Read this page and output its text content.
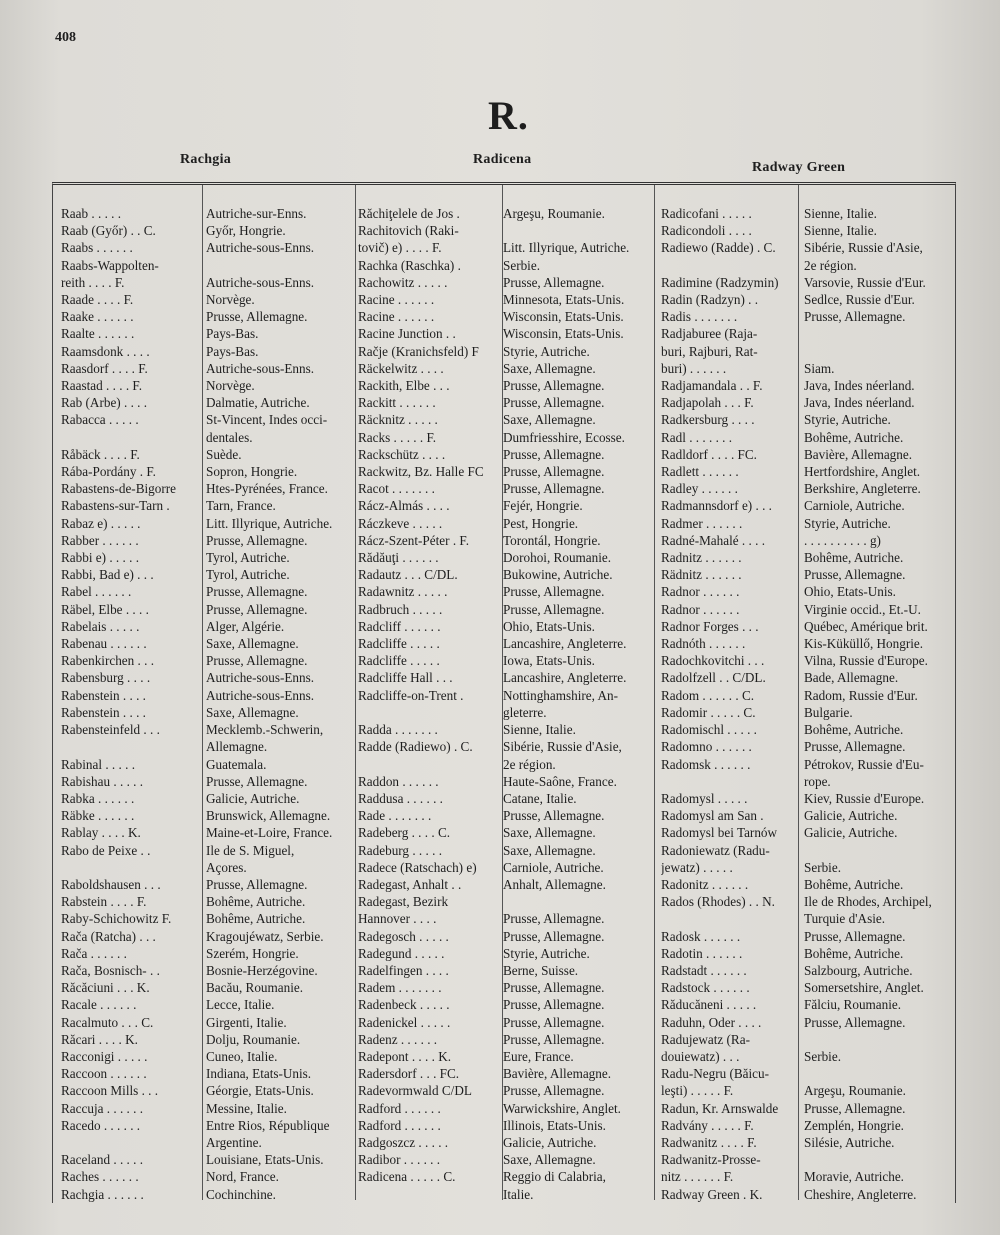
408
R.
Rachgia	Radicena
Radway Green
Raab . . . . .	Autriche-sur-Enns.
Raab (Győr) . . C.	Győr, Hongrie.
Raabs . . . . . .	Autriche-sous-Enns.
Raabs-Wappolten-
reith . . . . F.	Autriche-sous-Enns.
Raade . . . . F.	Norvège.
Raake . . . . . .	Prusse, Allemagne.
Raalte . . . . . .	Pays-Bas.
Raamsdonk . . . .	Pays-Bas.
Raasdorf . . . . F.	Autriche-sous-Enns.
Raastad . . . . F.	Norvège.
Rab (Arbe) . . . .	Dalmatie, Autriche.
Rabacca . . . . .	St-Vincent, Indes occi-
dentales.
Råbäck . . . . F.	Suède.
Rába-Pordány . F.	Sopron, Hongrie.
Rabastens-de-Bigorre	Htes-Pyrénées, France.
Rabastens-sur-Tarn .	Tarn, France.
Rabaz e) . . . . .	Litt. Illyrique, Autriche.
Rabber . . . . . .	Prusse, Allemagne.
Rabbi e) . . . . .	Tyrol, Autriche.
Rabbi, Bad e) . . .	Tyrol, Autriche.
Rabel . . . . . .	Prusse, Allemagne.
Räbel, Elbe . . . .	Prusse, Allemagne.
Rabelais . . . . .	Alger, Algérie.
Rabenau . . . . . .	Saxe, Allemagne.
Rabenkirchen . . .	Prusse, Allemagne.
Rabensburg . . . .	Autriche-sous-Enns.
Rabenstein . . . .	Autriche-sous-Enns.
Rabenstein . . . .	Saxe, Allemagne.
Rabensteinfeld . . .	Mecklemb.-Schwerin,
Allemagne.
Rabinal . . . . .	Guatemala.
Rabishau . . . . .	Prusse, Allemagne.
Rabka . . . . . .	Galicie, Autriche.
Räbke . . . . . .	Brunswick, Allemagne.
Rablay . . . . K.	Maine-et-Loire, France.
Rabo de Peixe . .	Ile de S. Miguel,
Açores.
Raboldshausen . . .	Prusse, Allemagne.
Rabstein . . . . F.	Bohême, Autriche.
Raby-Schichowitz F.	Bohême, Autriche.
Rača (Ratcha) . . .	Kragoujéwatz, Serbie.
Rača . . . . . .	Szerém, Hongrie.
Rača, Bosnisch- . .	Bosnie-Herzégovine.
Răcăciuni . . . K.	Bacău, Roumanie.
Racale . . . . . .	Lecce, Italie.
Racalmuto . . . C.	Girgenti, Italie.
Răcari . . . . K.	Dolju, Roumanie.
Racconigi . . . . .	Cuneo, Italie.
Raccoon . . . . . .	Indiana, Etats-Unis.
Raccoon Mills . . .	Géorgie, Etats-Unis.
Raccuja . . . . . .	Messine, Italie.
Racedo . . . . . .	Entre Rios, République
Argentine.
Raceland . . . . .	Louisiane, Etats-Unis.
Raches . . . . . .	Nord, France.
Rachgia . . . . . .	Cochinchine.
Răchiţelele de Jos .	Argeşu, Roumanie.
Rachitovich (Raki-
tovič) e) . . . . F.	Litt. Illyrique, Autriche.
Rachka (Raschka) .	Serbie.
Rachowitz . . . . .	Prusse, Allemagne.
Racine . . . . . .	Minnesota, Etats-Unis.
Racine . . . . . .	Wisconsin, Etats-Unis.
Racine Junction . .	Wisconsin, Etats-Unis.
Račje (Kranichsfeld) F	Styrie, Autriche.
Räckelwitz . . . .	Saxe, Allemagne.
Rackith, Elbe . . .	Prusse, Allemagne.
Rackitt . . . . . .	Prusse, Allemagne.
Räcknitz . . . . .	Saxe, Allemagne.
Racks . . . . . F.	Dumfriesshire, Ecosse.
Rackschütz . . . .	Prusse, Allemagne.
Rackwitz, Bz. Halle FC	Prusse, Allemagne.
Racot . . . . . . .	Prusse, Allemagne.
Rácz-Almás . . . .	Fejér, Hongrie.
Ráczkeve . . . . .	Pest, Hongrie.
Rácz-Szent-Péter . F.	Torontál, Hongrie.
Rădăuţi . . . . . .	Dorohoi, Roumanie.
Radautz . . . C/DL.	Bukowine, Autriche.
Radawnitz . . . . .	Prusse, Allemagne.
Radbruch . . . . .	Prusse, Allemagne.
Radcliff . . . . . .	Ohio, Etats-Unis.
Radcliffe . . . . .	Lancashire, Angleterre.
Radcliffe . . . . .	Iowa, Etats-Unis.
Radcliffe Hall . . .	Lancashire, Angleterre.
Radcliffe-on-Trent .	Nottinghamshire, An-
gleterre.
Radda . . . . . . .	Sienne, Italie.
Radde (Radiewo) . C.	Sibérie, Russie d'Asie,
2e région.
Raddon . . . . . .	Haute-Saône, France.
Raddusa . . . . . .	Catane, Italie.
Rade . . . . . . .	Prusse, Allemagne.
Radeberg . . . . C.	Saxe, Allemagne.
Radeburg . . . . .	Saxe, Allemagne.
Radece (Ratschach) e)	Carniole, Autriche.
Radegast, Anhalt . .	Anhalt, Allemagne.
Radegast, Bezirk
Hannover . . . .	Prusse, Allemagne.
Radegosch . . . . .	Prusse, Allemagne.
Radegund . . . . .	Styrie, Autriche.
Radelfingen . . . .	Berne, Suisse.
Radem . . . . . . .	Prusse, Allemagne.
Radenbeck . . . . .	Prusse, Allemagne.
Radenickel . . . . .	Prusse, Allemagne.
Radenz . . . . . .	Prusse, Allemagne.
Radepont . . . . K.	Eure, France.
Radersdorf . . . FC.	Bavière, Allemagne.
Radevormwald C/DL	Prusse, Allemagne.
Radford . . . . . .	Warwickshire, Anglet.
Radford . . . . . .	Illinois, Etats-Unis.
Radgoszcz . . . . .	Galicie, Autriche.
Radibor . . . . . .	Saxe, Allemagne.
Radicena . . . . . C.	Reggio di Calabria,
Italie.
Radicofani . . . . .	Sienne, Italie.
Radicondoli . . . .	Sienne, Italie.
Radiewo (Radde) . C.	Sibérie, Russie d'Asie,
2e région.
Radimine (Radzymin)	Varsovie, Russie d'Eur.
Radin (Radzyn) . .	Sedlce, Russie d'Eur.
Radis . . . . . . .	Prusse, Allemagne.
Radjaburee (Raja-
buri, Rajburi, Rat-
buri) . . . . . .	Siam.
Radjamandala . . F.	Java, Indes néerland.
Radjapolah . . . F.	Java, Indes néerland.
Radkersburg . . . .	Styrie, Autriche.
Radl . . . . . . .	Bohême, Autriche.
Radldorf . . . . FC.	Bavière, Allemagne.
Radlett . . . . . .	Hertfordshire, Anglet.
Radley . . . . . .	Berkshire, Angleterre.
Radmannsdorf e) . . .	Carniole, Autriche.
Radmer . . . . . .	Styrie, Autriche.
Radné-Mahalé . . . .	. . . . . . . . . . g)
Radnitz . . . . . .	Bohême, Autriche.
Rädnitz . . . . . .	Prusse, Allemagne.
Radnor . . . . . .	Ohio, Etats-Unis.
Radnor . . . . . .	Virginie occid., Et.-U.
Radnor Forges . . .	Québec, Amérique brit.
Radnóth . . . . . .	Kis-Küküllő, Hongrie.
Radochkovitchi . . .	Vilna, Russie d'Europe.
Radolfzell . . C/DL.	Bade, Allemagne.
Radom . . . . . . C.	Radom, Russie d'Eur.
Radomir . . . . . C.	Bulgarie.
Radomischl . . . . .	Bohême, Autriche.
Radomno . . . . . .	Prusse, Allemagne.
Radomsk . . . . . .	Pétrokov, Russie d'Eu-
rope.
Radomysl . . . . .	Kiev, Russie d'Europe.
Radomysl am San .	Galicie, Autriche.
Radomysl bei Tarnów	Galicie, Autriche.
Radoniewatz (Radu-
jewatz) . . . . .	Serbie.
Radonitz . . . . . .	Bohême, Autriche.
Rados (Rhodes) . . N.	Ile de Rhodes, Archipel,
Turquie d'Asie.
Radosk . . . . . .	Prusse, Allemagne.
Radotin . . . . . .	Bohême, Autriche.
Radstadt . . . . . .	Salzbourg, Autriche.
Radstock . . . . . .	Somersetshire, Anglet.
Răducăneni . . . . .	Fălciu, Roumanie.
Raduhn, Oder . . . .	Prusse, Allemagne.
Radujewatz (Ra-
douiewatz) . . .	Serbie.
Radu-Negru (Băicu-
leşti) . . . . . F.	Argeşu, Roumanie.
Radun, Kr. Arnswalde	Prusse, Allemagne.
Radvány . . . . . F.	Zemplén, Hongrie.
Radwanitz . . . . F.	Silésie, Autriche.
Radwanitz-Prosse-
nitz . . . . . . F.	Moravie, Autriche.
Radway Green . K.	Cheshire, Angleterre.
